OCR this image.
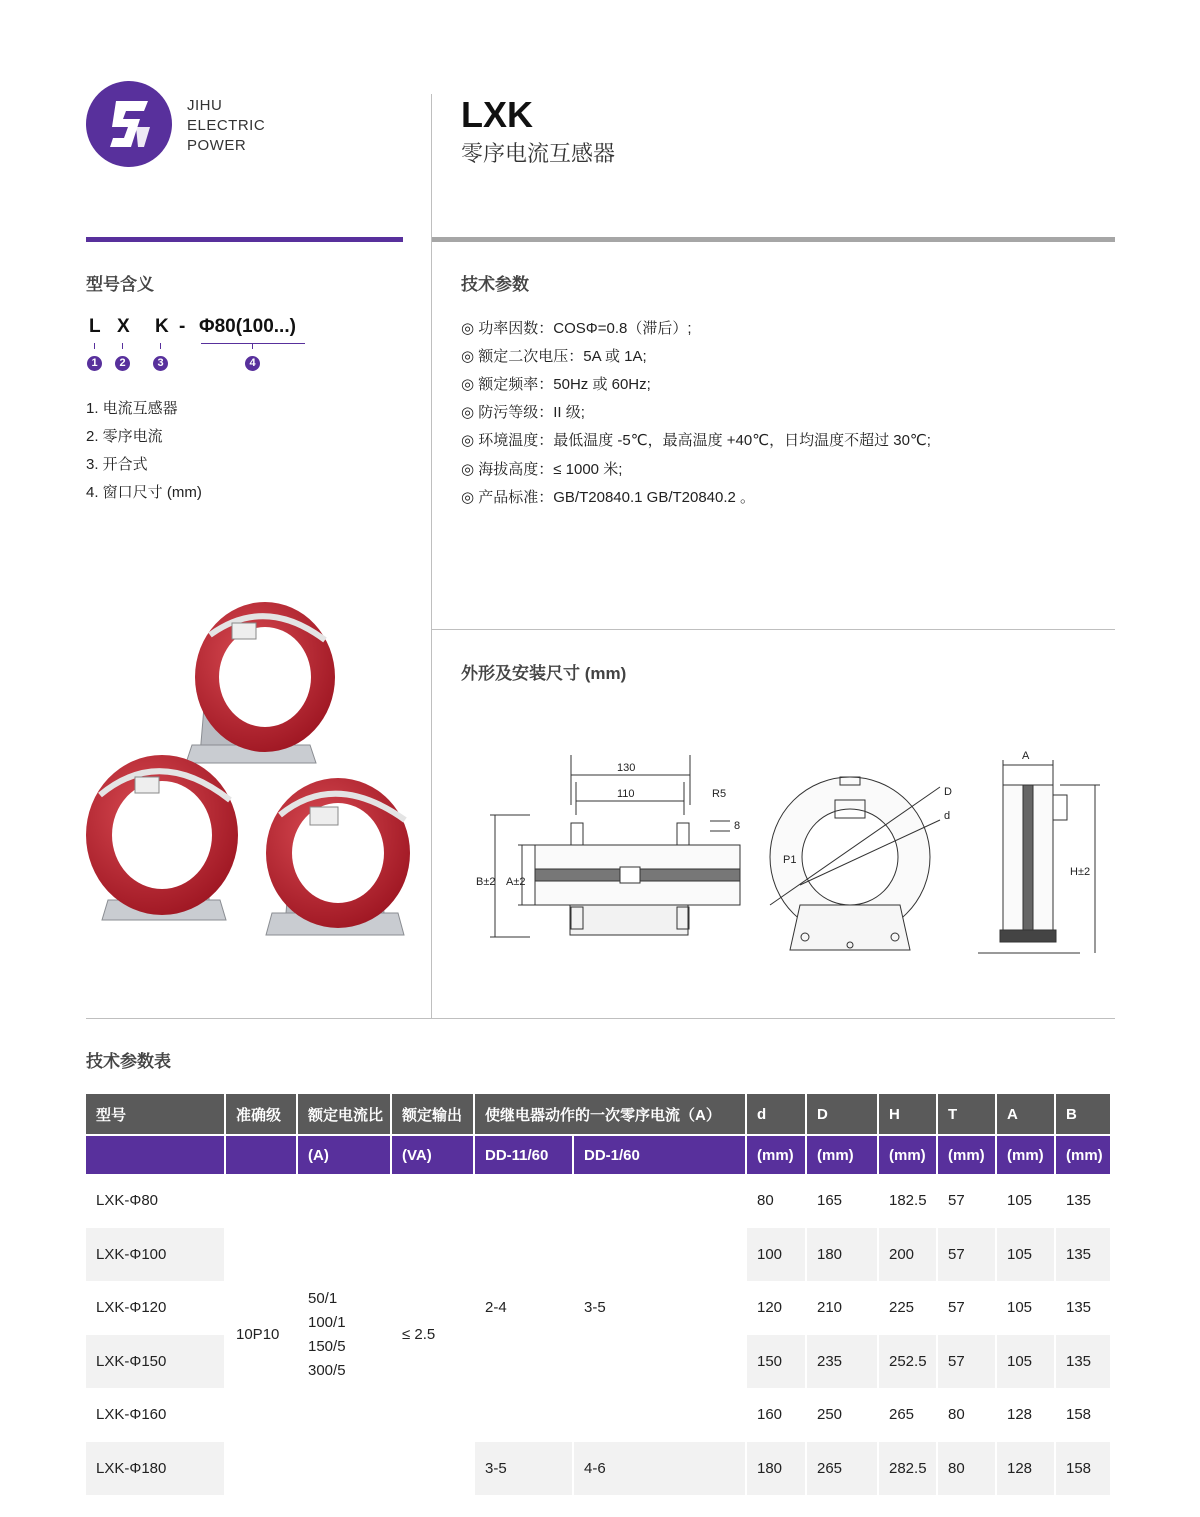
JIHU
ELECTRIC
POWER
LXK
零序电流互感器
型号含义
L X K - Φ80(100...)
1	2	3	4
1. 电流互感器
2. 零序电流
3. 开合式
4. 窗口尺寸 (mm)
技术参数
◎ 功率因数：COSΦ=0.8（滞后）;
◎ 额定二次电压：5A 或 1A;
◎ 额定频率：50Hz 或 60Hz;
◎ 防污等级：II 级;
◎ 环境温度：最低温度 -5℃，最高温度 +40℃，日均温度不超过 30℃;
◎ 海拔高度：≤ 1000 米;
◎ 产品标准：GB/T20840.1 GB/T20840.2 。
外形及安装尺寸 (mm)
130
110	R5
8
B±2 A±2
P1
D
d
A
H±2
技术参数表
型号	准确级	额定电流比	额定输出	使继电器动作的一次零序电流（A）		d	D	H	T	A	B
		(A)	(VA)	DD-11/60	DD-1/60	(mm)	(mm)	(mm)	(mm)	(mm)	(mm)
LXK-Φ80	10P10	50/1
100/1
150/5
300/5	≤ 2.5	2-4	3-5	80	165	182.5	57	105	135
LXK-Φ100						100	180	200	57	105	135
LXK-Φ120						120	210	225	57	105	135
LXK-Φ150						150	235	252.5	57	105	135
LXK-Φ160						160	250	265	80	128	158
LXK-Φ180				3-5	4-6	180	265	282.5	80	128	158
